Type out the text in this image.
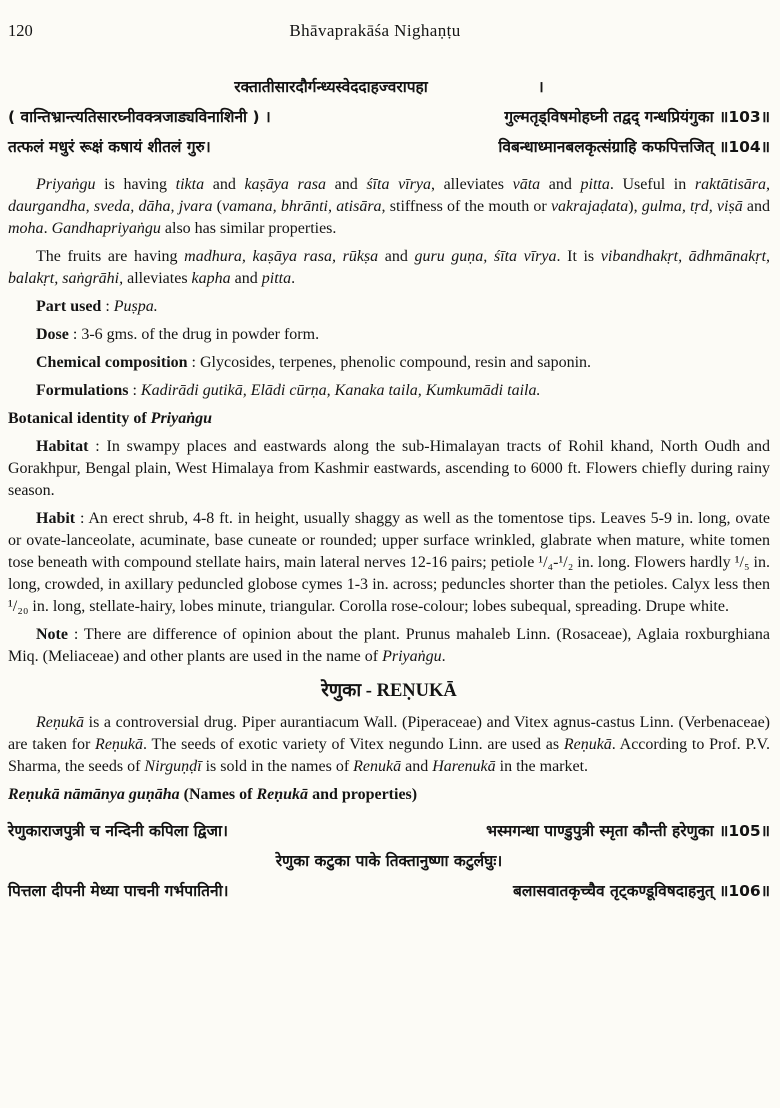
120	Bhāvaprakāśa Nighaṇṭu
रक्तातीसारदौर्गन्ध्यस्वेददाहज्वरापहा	।
( वान्तिभ्रान्त्यतिसारघ्नीवक्त्रजाड्यविनाशिनी ) ।	गुल्मतृड्विषमोहघ्नी तद्वद् गन्धप्रियंगुका ॥103॥
तत्फलं मधुरं रूक्षं कषायं शीतलं गुरु।	विबन्धाध्मानबलकृत्संग्राहि कफपित्तजित् ॥104॥

Priyaṅgu is having tikta and kaṣāya rasa and śīta vīrya, alleviates vāta and pitta. Useful in raktātisāra, daurgandha, sveda, dāha, jvara (vamana, bhrānti, atisāra, stiffness of the mouth or vakrajaḍata), gulma, tṛd, viṣā and moha. Gandhapriyaṅgu also has similar properties.

The fruits are having madhura, kaṣāya rasa, rūkṣa and guru guṇa, śīta vīrya. It is vibandhakṛt, ādhmānakṛt, balakṛt, saṅgrāhi, alleviates kapha and pitta.

Part used : Puṣpa.

Dose : 3-6 gms. of the drug in powder form.

Chemical composition : Glycosides, terpenes, phenolic compound, resin and saponin.

Formulations : Kadirādi gutikā, Elādi cūrṇa, Kanaka taila, Kumkumādi taila.

Botanical identity of Priyaṅgu

Habitat : In swampy places and eastwards along the sub-Himalayan tracts of Rohil khand, North Oudh and Gorakhpur, Bengal plain, West Himalaya from Kashmir eastwards, ascending to 6000 ft. Flowers chiefly during rainy season.

Habit : An erect shrub, 4-8 ft. in height, usually shaggy as well as the tomentose tips. Leaves 5-9 in. long, ovate or ovate-lanceolate, acuminate, base cuneate or rounded; upper surface wrinkled, glabrate when mature, white tomen tose beneath with compound stellate hairs, main lateral nerves 12-16 pairs; petiole ¹/₄-¹/₂ in. long. Flowers hardly ¹/₅ in. long, crowded, in axillary peduncled globose cymes 1-3 in. across; peduncles shorter than the petioles. Calyx less then ¹/₂₀ in. long, stellate-hairy, lobes minute, triangular. Corolla rose-colour; lobes subequal, spreading. Drupe white.

Note : There are difference of opinion about the plant. Prunus mahaleb Linn. (Rosaceae), Aglaia roxburghiana Miq. (Meliaceae) and other plants are used in the name of Priyaṅgu.

रेणुका - REṆUKĀ

Reṇukā is a controversial drug. Piper aurantiacum Wall. (Piperaceae) and Vitex agnus-castus Linn. (Verbenaceae) are taken for Reṇukā. The seeds of exotic variety of Vitex negundo Linn. are used as Reṇukā. According to Prof. P.V. Sharma, the seeds of Nirguṇḍī is sold in the names of Renukā and Harenukā in the market.

Reṇukā nāmānya guṇāha (Names of Reṇukā and properties)
रेणुकाराजपुत्री च नन्दिनी कपिला द्विजा।	भस्मगन्धा पाण्डुपुत्री स्मृता कौन्ती हरेणुका ॥105॥
रेणुका कटुका पाके तिक्तानुष्णा कटुर्लघुः।
पित्तला दीपनी मेध्या पाचनी गर्भपातिनी।	बलासवातकृच्चैव तृट्कण्डूविषदाहनुत् ॥106॥
